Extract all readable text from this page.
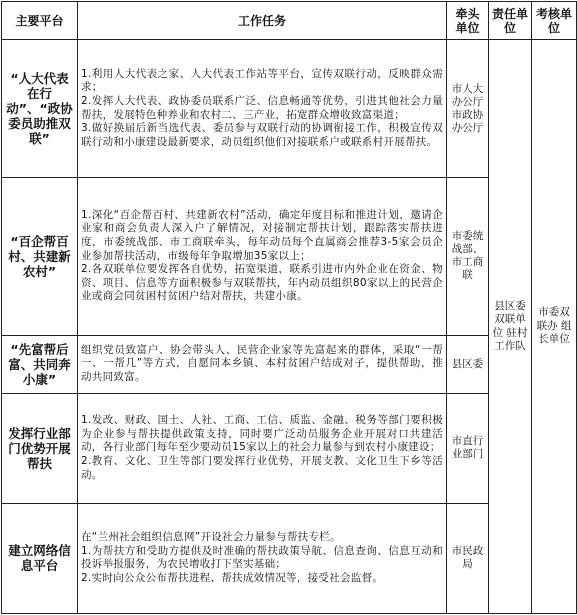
主要平台	工作任务	牵头单位	责任单位	考核单位
“人大代表在行动”、“政协委员助推双联”	1.利用人大代表之家、人大代表工作站等平台，宣传双联行动，反映群众需求；

2.发挥人大代表、政协委员联系广泛、信息畅通等优势，引进其他社会力量帮扶，发展特色种养业和农村二、三产业，拓宽群众增收致富渠道；

3.做好换届后新当选代表、委员参与双联行动的协调衔接工作，积极宣传双联行动和小康建设最新要求，动员组织他们对接联系户或联系村开展帮扶。	市人大办公厅 市政协办公厅	县区委 双联单位 驻村工作队	市委双联办 组长单位
“百企帮百村、共建新农村”	1.深化“百企帮百村、共建新农村”活动，确定年度目标和推进计划，邀请企业家和商会负责人深入户了解情况，对接制定帮扶计划，跟踪落实帮扶进度，市委统战部、市工商联牵头，每年动员每个直属商会推荐3-5家会员企业参加帮扶活动，市级每年争取增加35家以上；

2.各双联单位要发挥各自优势，拓宽渠道，联系引进市内外企业在资金、物资、项目、信息等方面积极参与双联帮扶，年内动员组织80家以上的民营企业或商会同贫困村贫困户结对帮扶，共建小康。	市委统战部、市工商联		
“先富帮后富、共同奔小康”	组织党员致富户、协会带头人、民营企业家等先富起来的群体，采取“一帮一、一帮几”等方式，自愿同本乡镇、本村贫困户结成对子，提供帮助，推动共同致富。	县区委		
发挥行业部门优势开展帮扶	1.发改、财政、国土、人社、工商、工信、质监、金融、税务等部门要积极为企业参与帮扶提供政策支持，同时要广泛动员服务企业开展对口共建活动，各行业部门每年至少要动员15家以上的社会力量参与到农村小康建设；

2.教育、文化、卫生等部门要发挥行业优势，开展支教、文化卫生下乡等活动。	市直行业部门		
建立网络信息平台	在“兰州社会组织信息网”开设社会力量参与帮扶专栏。

1.为帮扶方和受助方提供及时准确的帮扶政策导航、信息查询、信息互动和投诉举报服务，为农民增收打下坚实基础；

2.实时向公众公布帮扶进程、帮扶成效情况等，接受社会监督。	市民政局		
